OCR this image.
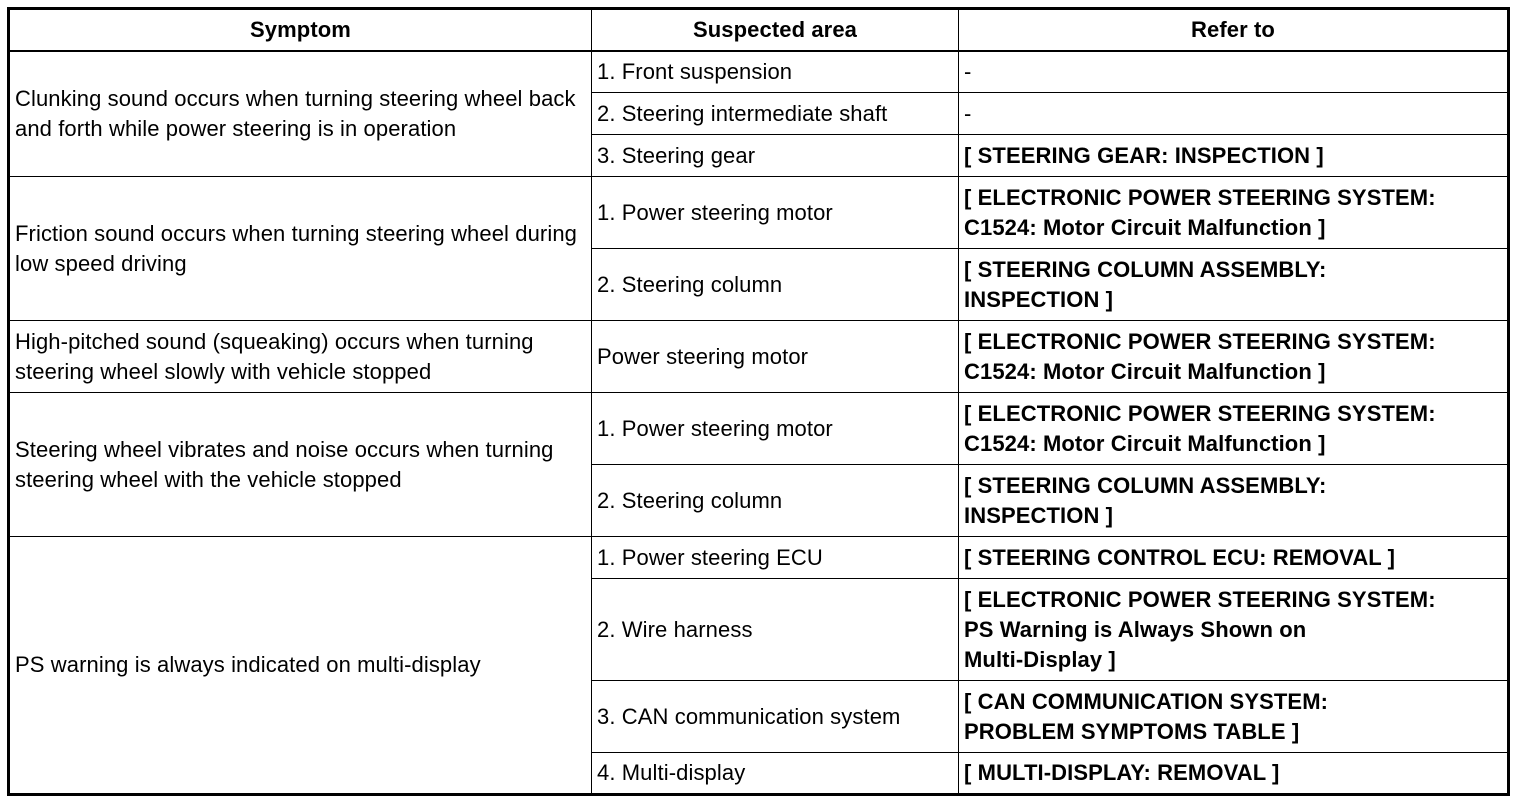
Symptom	Suspected area	Refer to
Clunking sound occurs when turning steering wheel back and forth while power steering is in operation	1. Front suspension	-
	2. Steering intermediate shaft	-
	3. Steering gear	[ STEERING GEAR: INSPECTION ]

Friction sound occurs when turning steering wheel during low speed driving	1. Power steering motor	[ ELECTRONIC POWER STEERING SYSTEM:
C1524: Motor Circuit Malfunction ]

	2. Steering column	[ STEERING COLUMN ASSEMBLY:
INSPECTION ]

High-pitched sound (squeaking) occurs when turning steering wheel slowly with vehicle stopped	Power steering motor	[ ELECTRONIC POWER STEERING SYSTEM:
C1524: Motor Circuit Malfunction ]

Steering wheel vibrates and noise occurs when turning steering wheel with the vehicle stopped	1. Power steering motor	[ ELECTRONIC POWER STEERING SYSTEM:
C1524: Motor Circuit Malfunction ]

	2. Steering column	[ STEERING COLUMN ASSEMBLY:
INSPECTION ]

PS warning is always indicated on multi-display	1. Power steering ECU	[ STEERING CONTROL ECU: REMOVAL ]

	2. Wire harness	[ ELECTRONIC POWER STEERING SYSTEM:
PS Warning is Always Shown on
Multi-Display ]

	3. CAN communication system	[ CAN COMMUNICATION SYSTEM:
PROBLEM SYMPTOMS TABLE ]

	4. Multi-display	[ MULTI-DISPLAY: REMOVAL ]
